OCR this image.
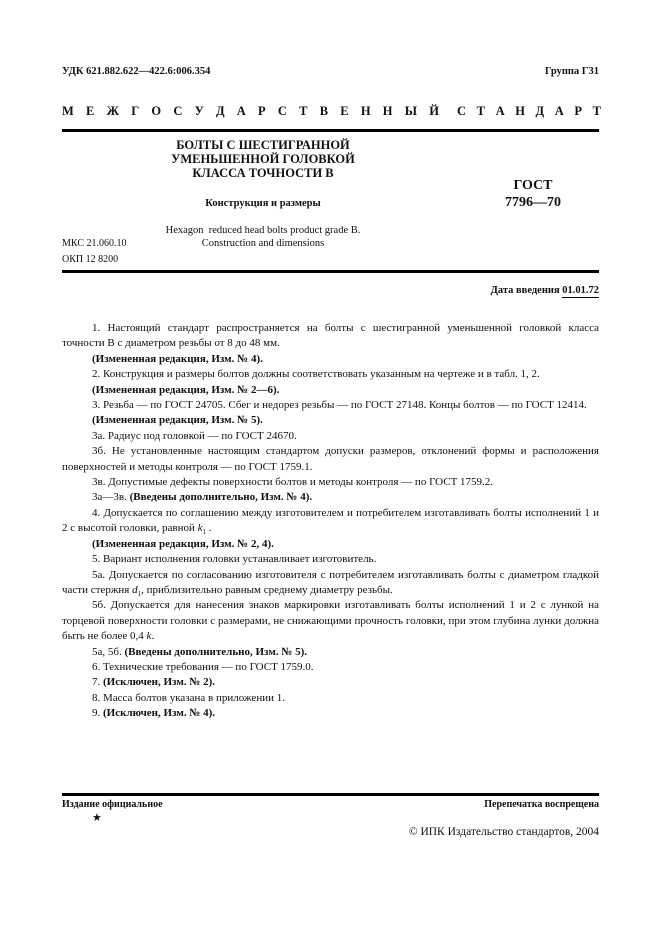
УДК 621.882.622—422.6:006.354	Группа Г31
М Е Ж Г О С У Д А Р С Т В Е Н Н Ы Й С Т А Н Д А Р Т
БОЛТЫ С ШЕСТИГРАННОЙ
УМЕНЬШЕННОЙ ГОЛОВКОЙ
КЛАССА ТОЧНОСТИ В
Конструкция и размеры
Hexagon  reduced head bolts product grade B.
Construction and dimensions
ГОСТ
7796—70
МКС 21.060.10
ОКП 12 8200
Дата введения 01.01.72

1. Настоящий стандарт распространяется на болты с шестигранной уменьшенной головкой класса точности В с диаметром резьбы от 8 до 48 мм.

(Измененная редакция, Изм. № 4).

2. Конструкция и размеры болтов должны соответствовать указанным на чертеже и в табл. 1, 2.

(Измененная редакция, Изм. № 2—6).

3. Резьба — по ГОСТ 24705. Сбег и недорез резьбы — по ГОСТ 27148. Концы болтов — по ГОСТ 12414.

(Измененная редакция, Изм. № 5).

3а. Радиус под головкой — по ГОСТ 24670.

3б. Не установленные настоящим стандартом допуски размеров, отклонений формы и расположения поверхностей и методы контроля — по ГОСТ 1759.1.

3в. Допустимые дефекты поверхности болтов и методы контроля — по ГОСТ 1759.2.

3а—3в. (Введены дополнительно, Изм. № 4).

4. Допускается по соглашению между изготовителем и потребителем изготавливать болты исполнений 1 и 2 с высотой головки, равной $k_1$ .

(Измененная редакция, Изм. № 2, 4).

5. Вариант исполнения головки устанавливает изготовитель.

5а. Допускается по согласованию изготовителя с потребителем изготавливать болты с диаметром гладкой части стержня $d_1$, приблизительно равным среднему диаметру резьбы.

5б. Допускается для нанесения знаков маркировки изготавливать болты исполнений 1 и 2 с лункой на торцевой поверхности головки с размерами, не снижающими прочность головки, при этом глубина лунки должна быть не более 0,4 k.

5а, 5б. (Введены дополнительно, Изм. № 5).

6. Технические требования — по ГОСТ 1759.0.

7. (Исключен, Изм. № 2).

8. Масса болтов указана в приложении 1.

9. (Исключен, Изм. № 4).

Издание официальное
★
Перепечатка воспрещена
© ИПК Издательство стандартов, 2004
